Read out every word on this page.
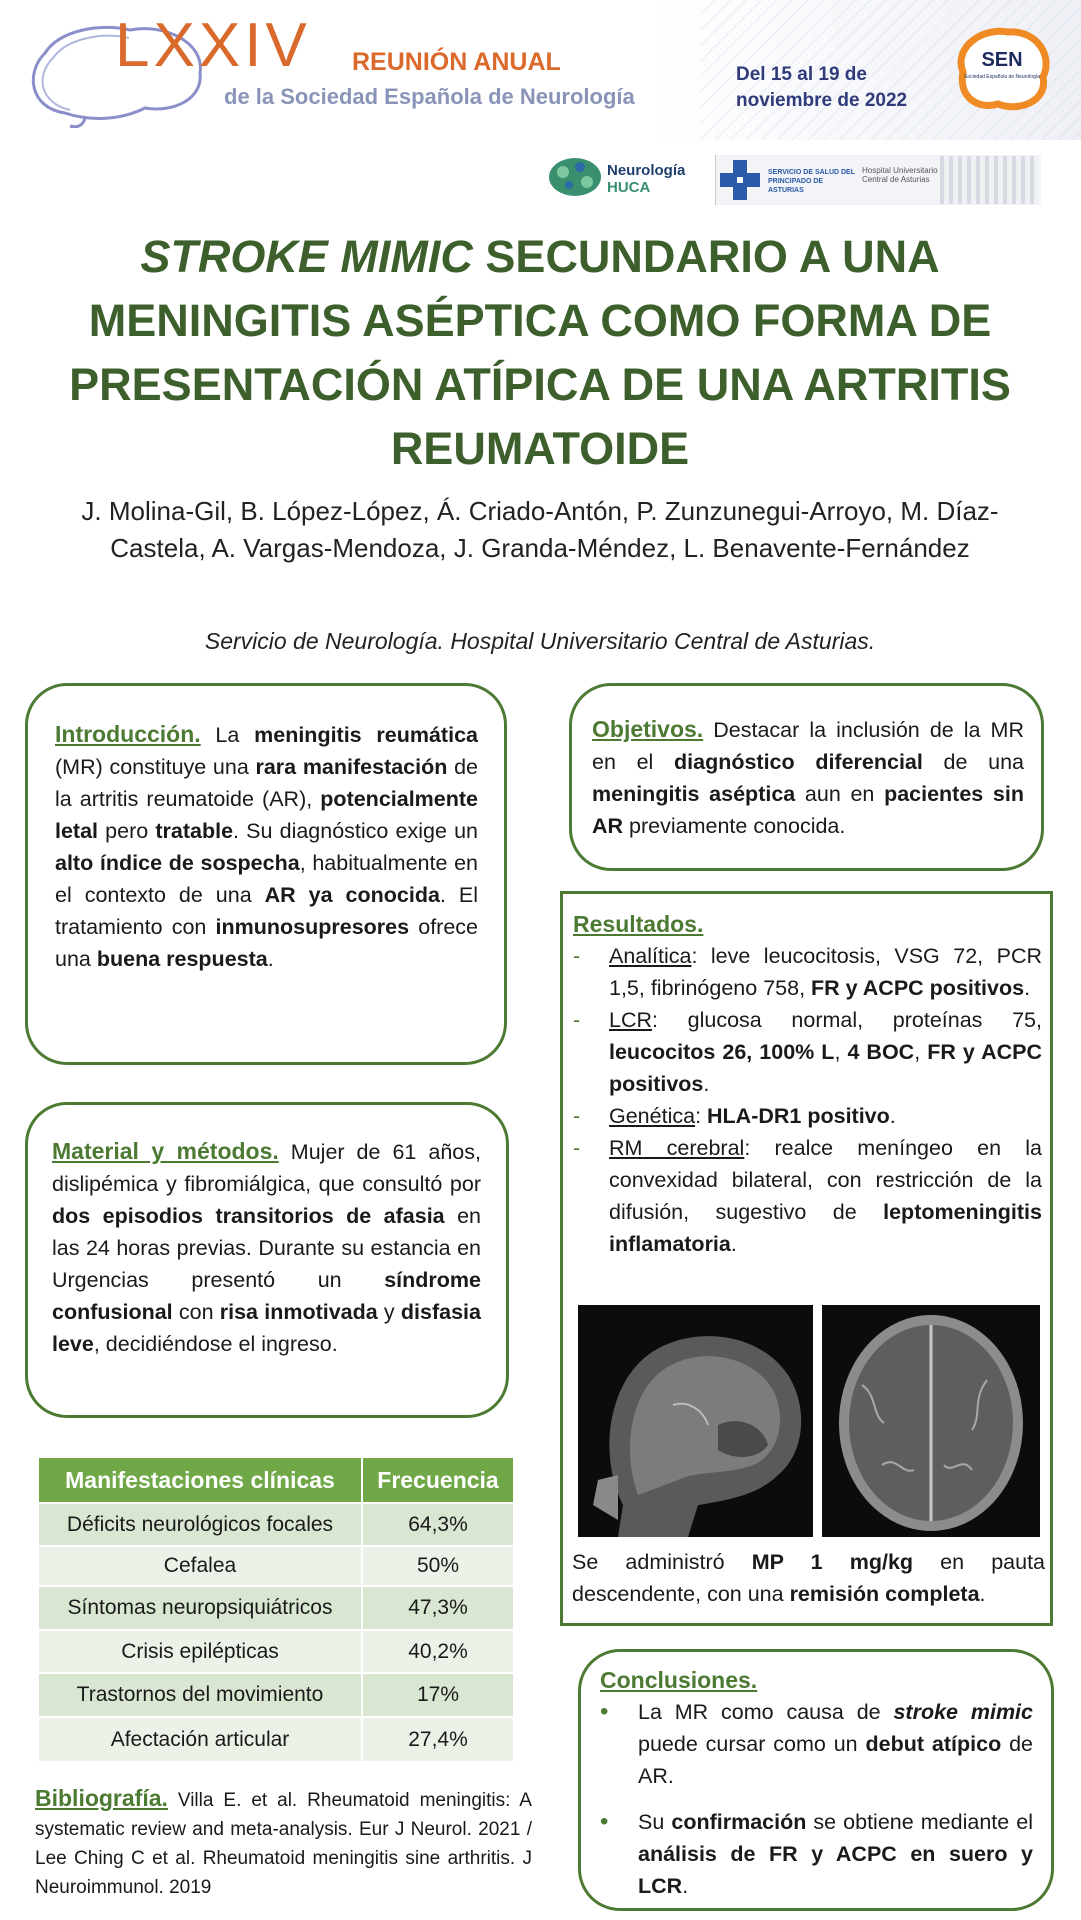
LXXIV REUNIÓN ANUAL
de la Sociedad Española de Neurología
Del 15 al 19 de
noviembre de 2022
SEN
Sociedad Española de Neurología
Neurología
HUCA
SERVICIO DE SALUD DEL PRINCIPADO DE ASTURIAS
Hospital Universitario
Central de Asturias
STROKE MIMIC SECUNDARIO A UNA MENINGITIS ASÉPTICA COMO FORMA DE PRESENTACIÓN ATÍPICA DE UNA ARTRITIS REUMATOIDE
J. Molina-Gil, B. López-López, Á. Criado-Antón, P. Zunzunegui-Arroyo, M. Díaz-Castela, A. Vargas-Mendoza, J. Granda-Méndez, L. Benavente-Fernández
Servicio de Neurología. Hospital Universitario Central de Asturias.
Introducción. La meningitis reumática (MR) constituye una rara manifestación de la artritis reumatoide (AR), potencialmente letal pero tratable. Su diagnóstico exige un alto índice de sospecha, habitualmente en el contexto de una AR ya conocida. El tratamiento con inmunosupresores ofrece una buena respuesta.
Material y métodos. Mujer de 61 años, dislipémica y fibromiálgica, que consultó por dos episodios transitorios de afasia en las 24 horas previas. Durante su estancia en Urgencias presentó un síndrome confusional con risa inmotivada y disfasia leve, decidiéndose el ingreso.
Manifestaciones clínicas	Frecuencia
Déficits neurológicos focales	64,3%
Cefalea	50%
Síntomas neuropsiquiátricos	47,3%
Crisis epilépticas	40,2%
Trastornos del movimiento	17%
Afectación articular	27,4%
Bibliografía. Villa E. et al. Rheumatoid meningitis: A systematic review and meta-analysis. Eur J Neurol. 2021 / Lee Ching C et al. Rheumatoid meningitis sine arthritis. J Neuroimmunol. 2019
Objetivos. Destacar la inclusión de la MR en el diagnóstico diferencial de una meningitis aséptica aun en pacientes sin AR previamente conocida.
Resultados.
- Analítica: leve leucocitosis, VSG 72, PCR 1,5, fibrinógeno 758, FR y ACPC positivos.
- LCR: glucosa normal, proteínas 75, leucocitos 26, 100% L, 4 BOC, FR y ACPC positivos.
- Genética: HLA-DR1 positivo.
- RM cerebral: realce meníngeo en la convexidad bilateral, con restricción de la difusión, sugestivo de leptomeningitis inflamatoria.
Se administró MP 1 mg/kg en pauta descendente, con una remisión completa.
Conclusiones.
• La MR como causa de stroke mimic puede cursar como un debut atípico de AR.
• Su confirmación se obtiene mediante el análisis de FR y ACPC en suero y LCR.
